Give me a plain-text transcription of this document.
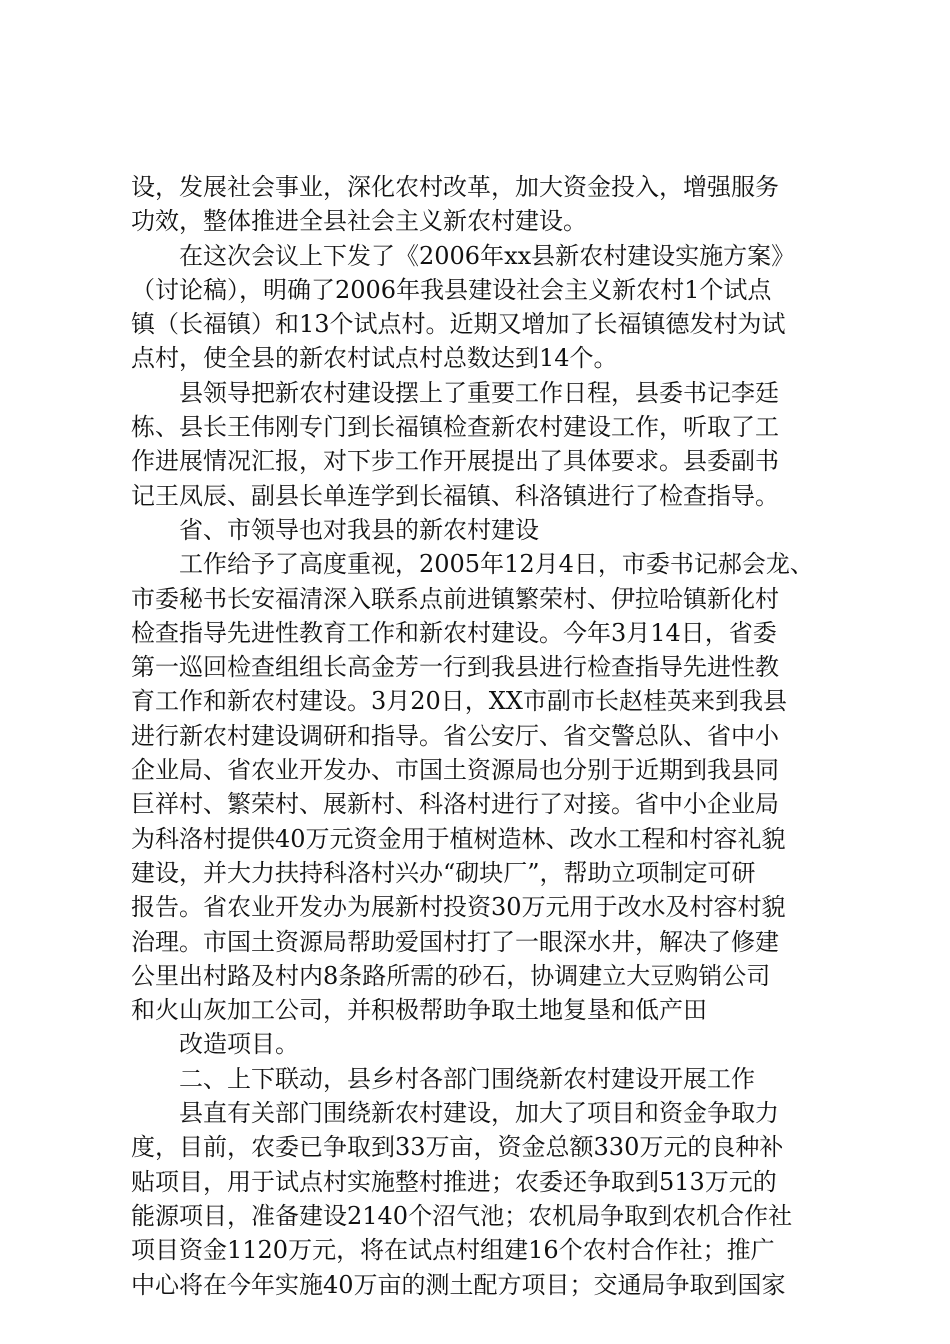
设，发展社会事业，深化农村改革，加大资金投入，增强服务
功效，整体推进全县社会主义新农村建设。
在这次会议上下发了《2006年xx县新农村建设实施方案》
（讨论稿），明确了2006年我县建设社会主义新农村1个试点
镇（长福镇）和13个试点村。近期又增加了长福镇德发村为试
点村，使全县的新农村试点村总数达到14个。
县领导把新农村建设摆上了重要工作日程，县委书记李廷
栋、县长王伟刚专门到长福镇检查新农村建设工作，听取了工
作进展情况汇报，对下步工作开展提出了具体要求。县委副书
记王凤辰、副县长单连学到长福镇、科洛镇进行了检查指导。
省、市领导也对我县的新农村建设
工作给予了高度重视，2005年12月4日，市委书记郝会龙、
市委秘书长安福清深入联系点前进镇繁荣村、伊拉哈镇新化村
检查指导先进性教育工作和新农村建设。今年3月14日，省委
第一巡回检查组组长高金芳一行到我县进行检查指导先进性教
育工作和新农村建设。3月20日，XX市副市长赵桂英来到我县
进行新农村建设调研和指导。省公安厅、省交警总队、省中小
企业局、省农业开发办、市国土资源局也分别于近期到我县同
巨祥村、繁荣村、展新村、科洛村进行了对接。省中小企业局
为科洛村提供40万元资金用于植树造林、改水工程和村容礼貌
建设，并大力扶持科洛村兴办“砌块厂”，帮助立项制定可研
报告。省农业开发办为展新村投资30万元用于改水及村容村貌
治理。市国土资源局帮助爱国村打了一眼深水井，解决了修建
公里出村路及村内8条路所需的砂石，协调建立大豆购销公司
和火山灰加工公司，并积极帮助争取土地复垦和低产田
改造项目。
二、上下联动，县乡村各部门围绕新农村建设开展工作
县直有关部门围绕新农村建设，加大了项目和资金争取力
度，目前，农委已争取到33万亩，资金总额330万元的良种补
贴项目，用于试点村实施整村推进；农委还争取到513万元的
能源项目，准备建设2140个沼气池；农机局争取到农机合作社
项目资金1120万元，将在试点村组建16个农村合作社；推广
中心将在今年实施40万亩的测土配方项目；交通局争取到国家
